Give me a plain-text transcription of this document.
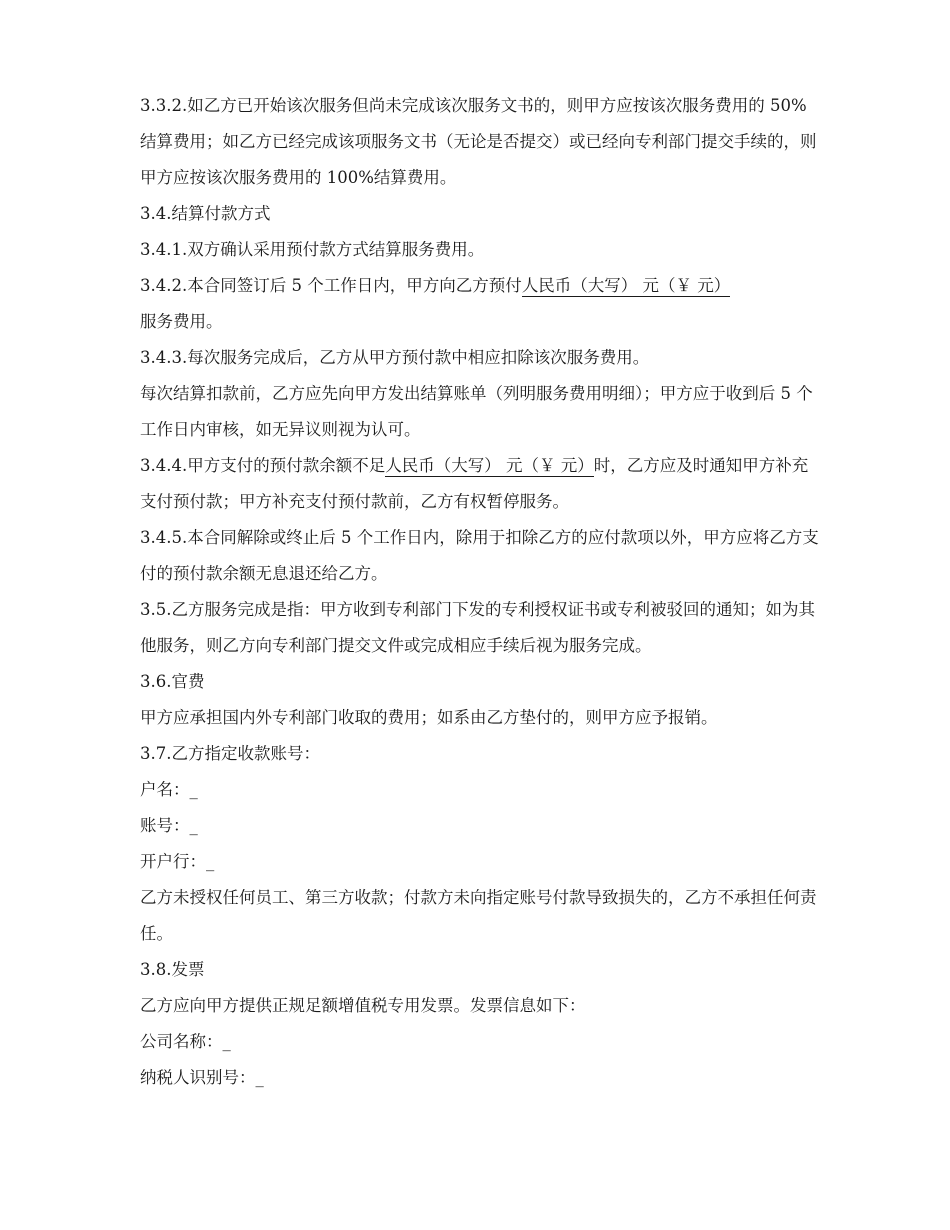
3.3.2.如乙方已开始该次服务但尚未完成该次服务文书的，则甲方应按该次服务费用的 50%结算费用；如乙方已经完成该项服务文书（无论是否提交）或已经向专利部门提交手续的，则甲方应按该次服务费用的 100%结算费用。

3.4.结算付款方式

3.4.1.双方确认采用预付款方式结算服务费用。

3.4.2.本合同签订后 5 个工作日内，甲方向乙方预付人民币（大写） 元（￥ 元）
服务费用。

3.4.3.每次服务完成后，乙方从甲方预付款中相应扣除该次服务费用。

每次结算扣款前，乙方应先向甲方发出结算账单（列明服务费用明细）；甲方应于收到后 5 个工作日内审核，如无异议则视为认可。

3.4.4.甲方支付的预付款余额不足人民币（大写） 元（￥ 元）时，乙方应及时通知甲方补充支付预付款；甲方补充支付预付款前，乙方有权暂停服务。

3.4.5.本合同解除或终止后 5 个工作日内，除用于扣除乙方的应付款项以外，甲方应将乙方支付的预付款余额无息退还给乙方。

3.5.乙方服务完成是指：甲方收到专利部门下发的专利授权证书或专利被驳回的通知；如为其他服务，则乙方向专利部门提交文件或完成相应手续后视为服务完成。

3.6.官费

甲方应承担国内外专利部门收取的费用；如系由乙方垫付的，则甲方应予报销。

3.7.乙方指定收款账号：

户名：_

账号：_

开户行：_

乙方未授权任何员工、第三方收款；付款方未向指定账号付款导致损失的，乙方不承担任何责任。

3.8.发票

乙方应向甲方提供正规足额增值税专用发票。发票信息如下：

公司名称：_

纳税人识别号：_
